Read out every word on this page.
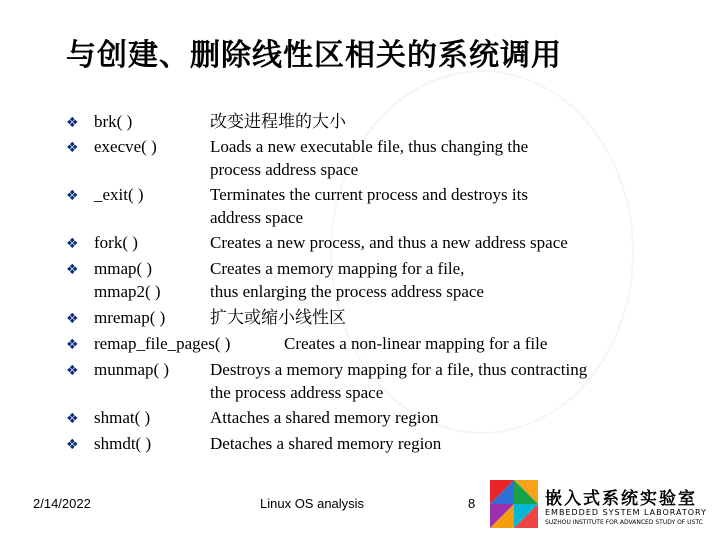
与创建、删除线性区相关的系统调用
❖ brk( )	改变进程堆的大小
❖ execve( )	Loads a new executable file, thus changing the
process address space
❖ _exit( )	Terminates the current process and destroys its
address space
❖ fork( )	Creates a new process, and thus a new address space
❖ mmap( )	Creates a memory mapping for a file,
mmap2( )	thus enlarging the process address space
❖ mremap( )	扩大或缩小线性区
❖ remap_file_pages( )	Creates a non-linear mapping for a file
❖ munmap( ) Destroys a memory mapping for a file, thus contracting
the process address space
❖ shmat( )	Attaches a shared memory region
❖ shmdt( )	Detaches a shared memory region
2/14/2022	Linux OS analysis	8	嵌入式系统实验室
EMBEDDED SYSTEM LABORATORY
SUZHOU INSTITUTE FOR ADVANCED STUDY OF USTC
